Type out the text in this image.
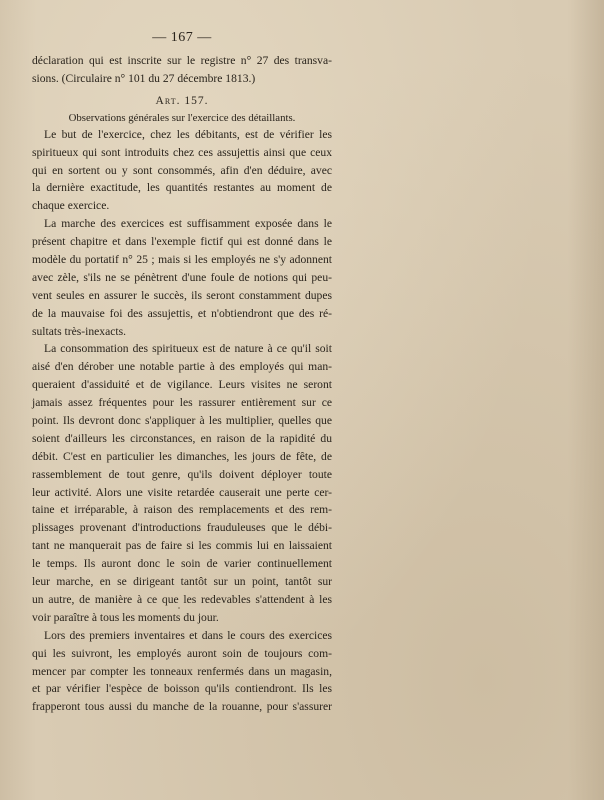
— 167 —
déclaration qui est inscrite sur le registre n° 27 des transva-
sions. (Circulaire n° 101 du 27 décembre 1813.)
Art. 157.
Observations générales sur l'exercice des détaillants.

Le but de l'exercice, chez les débitants, est de vérifier les
spiritueux qui sont introduits chez ces assujettis ainsi que ceux
qui en sortent ou y sont consommés, afin d'en déduire, avec
la dernière exactitude, les quantités restantes au moment de
chaque exercice.

La marche des exercices est suffisamment exposée dans le
présent chapitre et dans l'exemple fictif qui est donné dans le
modèle du portatif n° 25 ; mais si les employés ne s'y adonnent
avec zèle, s'ils ne se pénètrent d'une foule de notions qui peu-
vent seules en assurer le succès, ils seront constamment dupes
de la mauvaise foi des assujettis, et n'obtiendront que des ré-
sultats très-inexacts.

La consommation des spiritueux est de nature à ce qu'il soit
aisé d'en dérober une notable partie à des employés qui man-
queraient d'assiduité et de vigilance. Leurs visites ne seront
jamais assez fréquentes pour les rassurer entièrement sur ce
point. Ils devront donc s'appliquer à les multiplier, quelles que
soient d'ailleurs les circonstances, en raison de la rapidité du
débit. C'est en particulier les dimanches, les jours de fête, de
rassemblement de tout genre, qu'ils doivent déployer toute
leur activité. Alors une visite retardée causerait une perte cer-
taine et irréparable, à raison des remplacements et des rem-
plissages provenant d'introductions frauduleuses que le débi-
tant ne manquerait pas de faire si les commis lui en laissaient
le temps. Ils auront donc le soin de varier continuellement
leur marche, en se dirigeant tantôt sur un point, tantôt sur
un autre, de manière à ce que les redevables s'attendent à les
voir paraître à tous les moments du jour.

Lors des premiers inventaires et dans le cours des exercices
qui les suivront, les employés auront soin de toujours com-
mencer par compter les tonneaux renfermés dans un magasin,
et par vérifier l'espèce de boisson qu'ils contiendront. Ils les
frapperont tous aussi du manche de la rouanne, pour s'assurer
